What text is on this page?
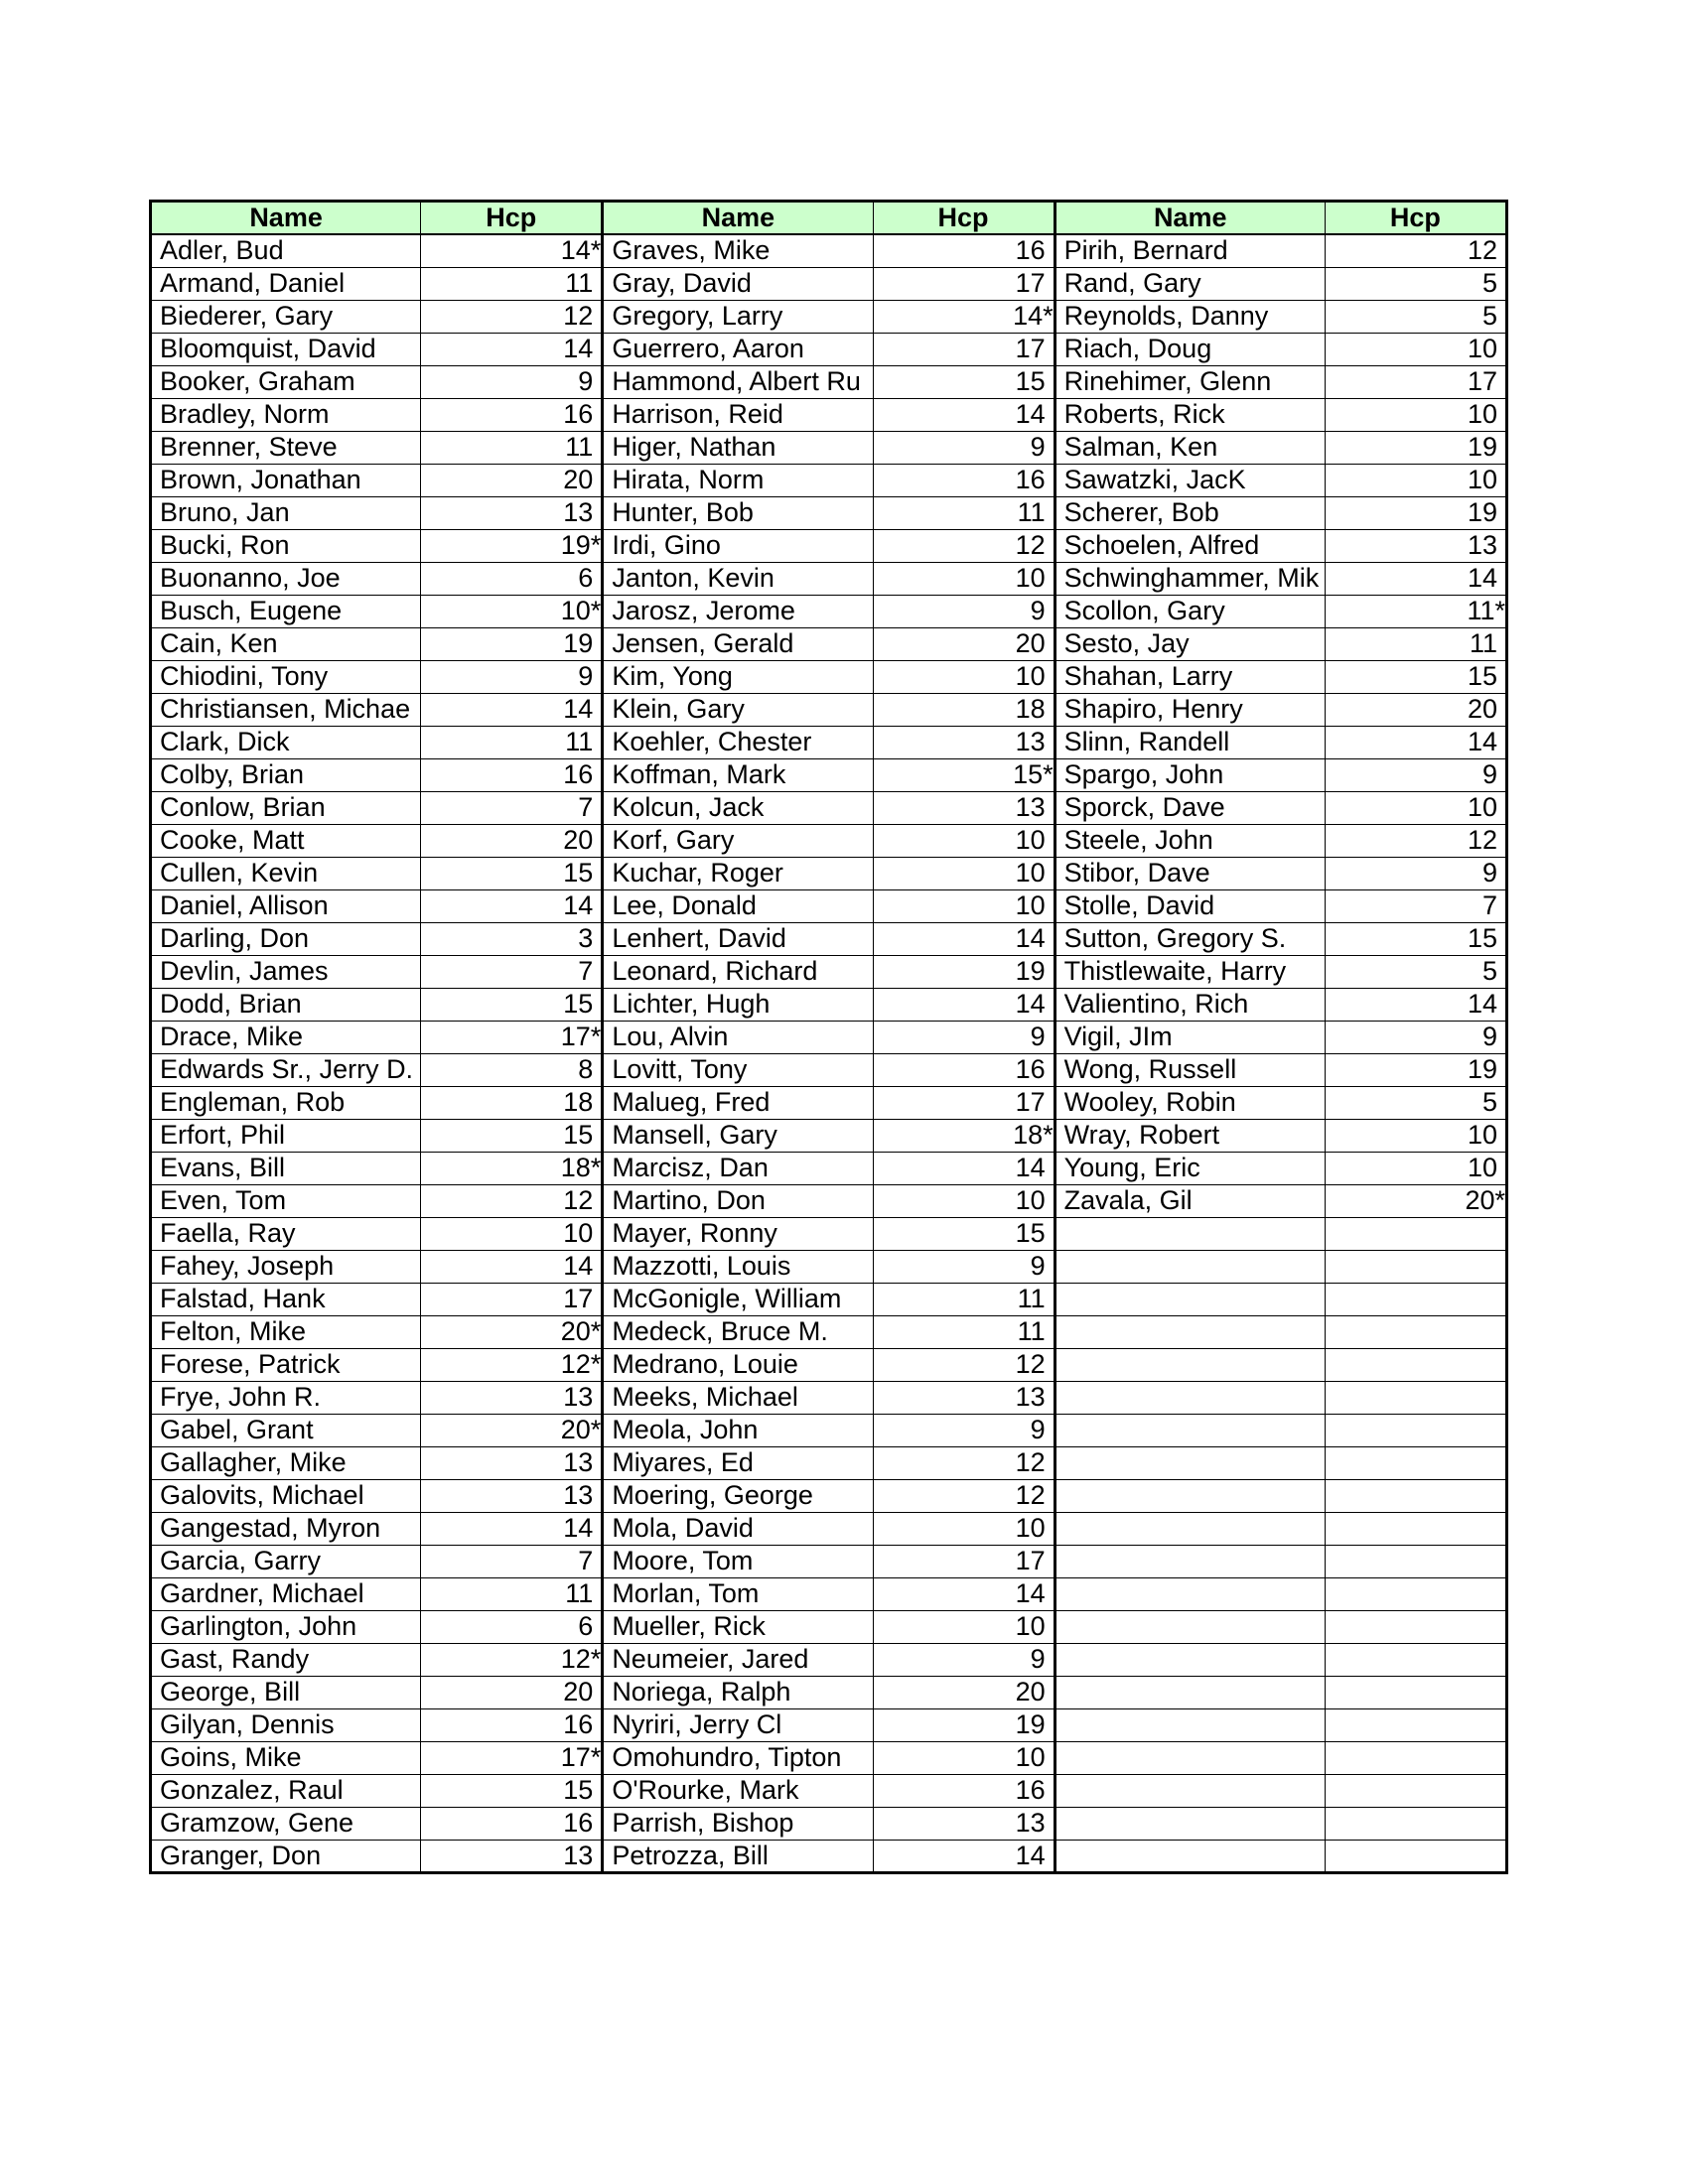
Name	Hcp	Name	Hcp	Name	Hcp
Adler, Bud	14*	Graves, Mike	16	Pirih, Bernard	12
Armand, Daniel	11	Gray, David	17	Rand, Gary	5
Biederer, Gary	12	Gregory, Larry	14*	Reynolds, Danny	5
Bloomquist, David	14	Guerrero, Aaron	17	Riach, Doug	10
Booker, Graham	9	Hammond, Albert Ru	15	Rinehimer, Glenn	17
Bradley, Norm	16	Harrison, Reid	14	Roberts, Rick	10
Brenner, Steve	11	Higer, Nathan	9	Salman, Ken	19
Brown, Jonathan	20	Hirata, Norm	16	Sawatzki, JacK	10
Bruno, Jan	13	Hunter, Bob	11	Scherer, Bob	19
Bucki, Ron	19*	Irdi, Gino	12	Schoelen, Alfred	13
Buonanno, Joe	6	Janton, Kevin	10	Schwinghammer, Mik	14
Busch, Eugene	10*	Jarosz, Jerome	9	Scollon, Gary	11*
Cain, Ken	19	Jensen, Gerald	20	Sesto, Jay	11
Chiodini, Tony	9	Kim, Yong	10	Shahan, Larry	15
Christiansen, Michae	14	Klein, Gary	18	Shapiro, Henry	20
Clark, Dick	11	Koehler, Chester	13	Slinn, Randell	14
Colby, Brian	16	Koffman, Mark	15*	Spargo, John	9
Conlow, Brian	7	Kolcun, Jack	13	Sporck, Dave	10
Cooke, Matt	20	Korf, Gary	10	Steele, John	12
Cullen, Kevin	15	Kuchar, Roger	10	Stibor, Dave	9
Daniel, Allison	14	Lee, Donald	10	Stolle, David	7
Darling, Don	3	Lenhert, David	14	Sutton, Gregory S.	15
Devlin, James	7	Leonard, Richard	19	Thistlewaite, Harry	5
Dodd, Brian	15	Lichter, Hugh	14	Valientino, Rich	14
Drace, Mike	17*	Lou, Alvin	9	Vigil, JIm	9
Edwards Sr., Jerry D.	8	Lovitt, Tony	16	Wong, Russell	19
Engleman, Rob	18	Malueg, Fred	17	Wooley, Robin	5
Erfort, Phil	15	Mansell, Gary	18*	Wray, Robert	10
Evans, Bill	18*	Marcisz, Dan	14	Young, Eric	10
Even, Tom	12	Martino, Don	10	Zavala, Gil	20*
Faella, Ray	10	Mayer, Ronny	15		
Fahey, Joseph	14	Mazzotti, Louis	9		
Falstad, Hank	17	McGonigle, William	11		
Felton, Mike	20*	Medeck, Bruce M.	11		
Forese, Patrick	12*	Medrano, Louie	12		
Frye, John R.	13	Meeks, Michael	13		
Gabel, Grant	20*	Meola, John	9		
Gallagher, Mike	13	Miyares, Ed	12		
Galovits, Michael	13	Moering, George	12		
Gangestad, Myron	14	Mola, David	10		
Garcia, Garry	7	Moore, Tom	17		
Gardner, Michael	11	Morlan, Tom	14		
Garlington, John	6	Mueller, Rick	10		
Gast, Randy	12*	Neumeier, Jared	9		
George, Bill	20	Noriega, Ralph	20		
Gilyan, Dennis	16	Nyriri, Jerry Cl	19		
Goins, Mike	17*	Omohundro, Tipton	10		
Gonzalez, Raul	15	O'Rourke, Mark	16		
Gramzow, Gene	16	Parrish, Bishop	13		
Granger, Don	13	Petrozza, Bill	14		
